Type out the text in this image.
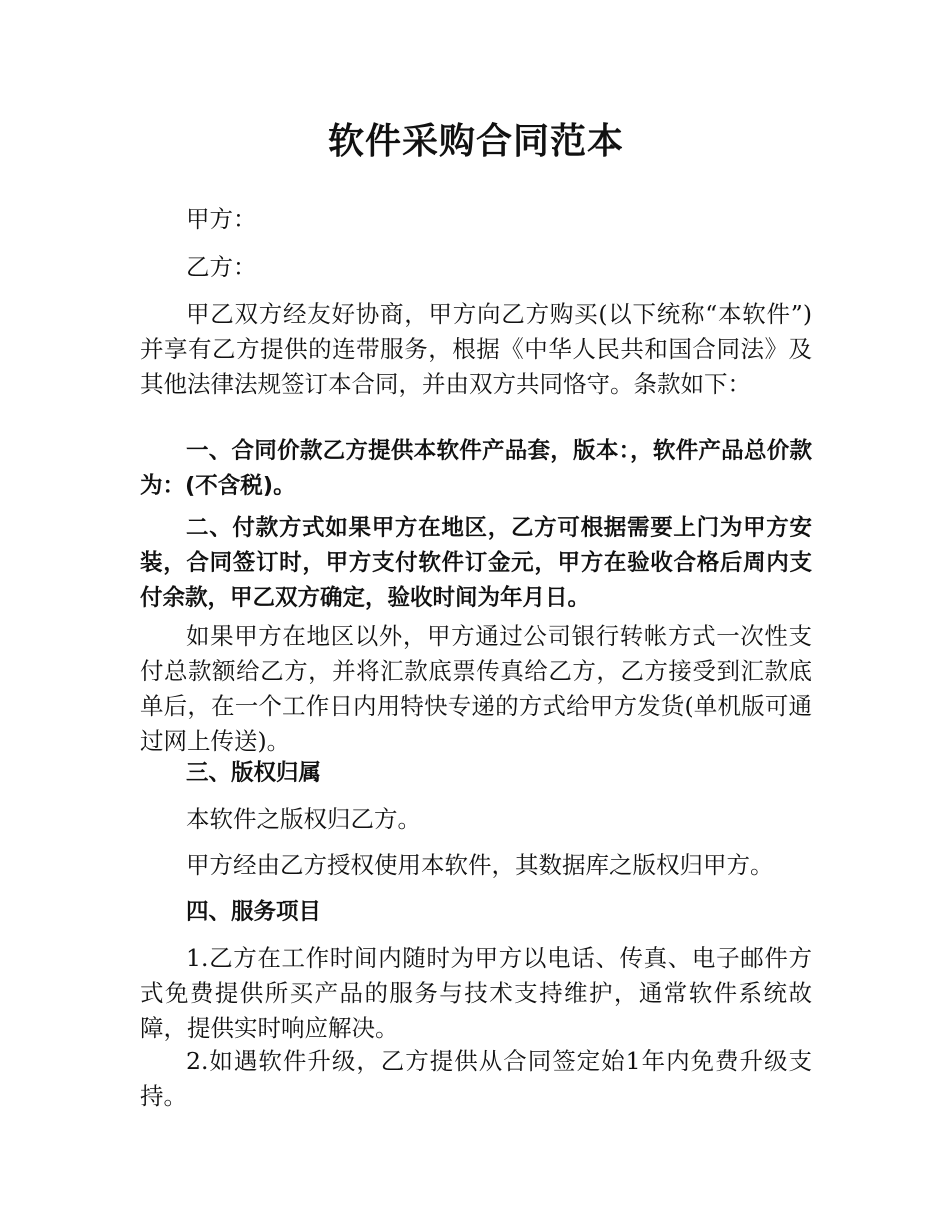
软件采购合同范本

甲方：

乙方：

甲乙双方经友好协商，甲方向乙方购买(以下统称“本软件”)并享有乙方提供的连带服务，根据《中华人民共和国合同法》及其他法律法规签订本合同，并由双方共同恪守。条款如下：

一、合同价款乙方提供本软件产品套，版本：，软件产品总价款为：(不含税)。

二、付款方式如果甲方在地区，乙方可根据需要上门为甲方安装，合同签订时，甲方支付软件订金元，甲方在验收合格后周内支付余款，甲乙双方确定，验收时间为年月日。

如果甲方在地区以外，甲方通过公司银行转帐方式一次性支付总款额给乙方，并将汇款底票传真给乙方，乙方接受到汇款底单后，在一个工作日内用特快专递的方式给甲方发货(单机版可通过网上传送)。

三、版权归属

本软件之版权归乙方。

甲方经由乙方授权使用本软件，其数据库之版权归甲方。

四、服务项目

1.乙方在工作时间内随时为甲方以电话、传真、电子邮件方式免费提供所买产品的服务与技术支持维护，通常软件系统故障，提供实时响应解决。

2.如遇软件升级，乙方提供从合同签定始1年内免费升级支持。
